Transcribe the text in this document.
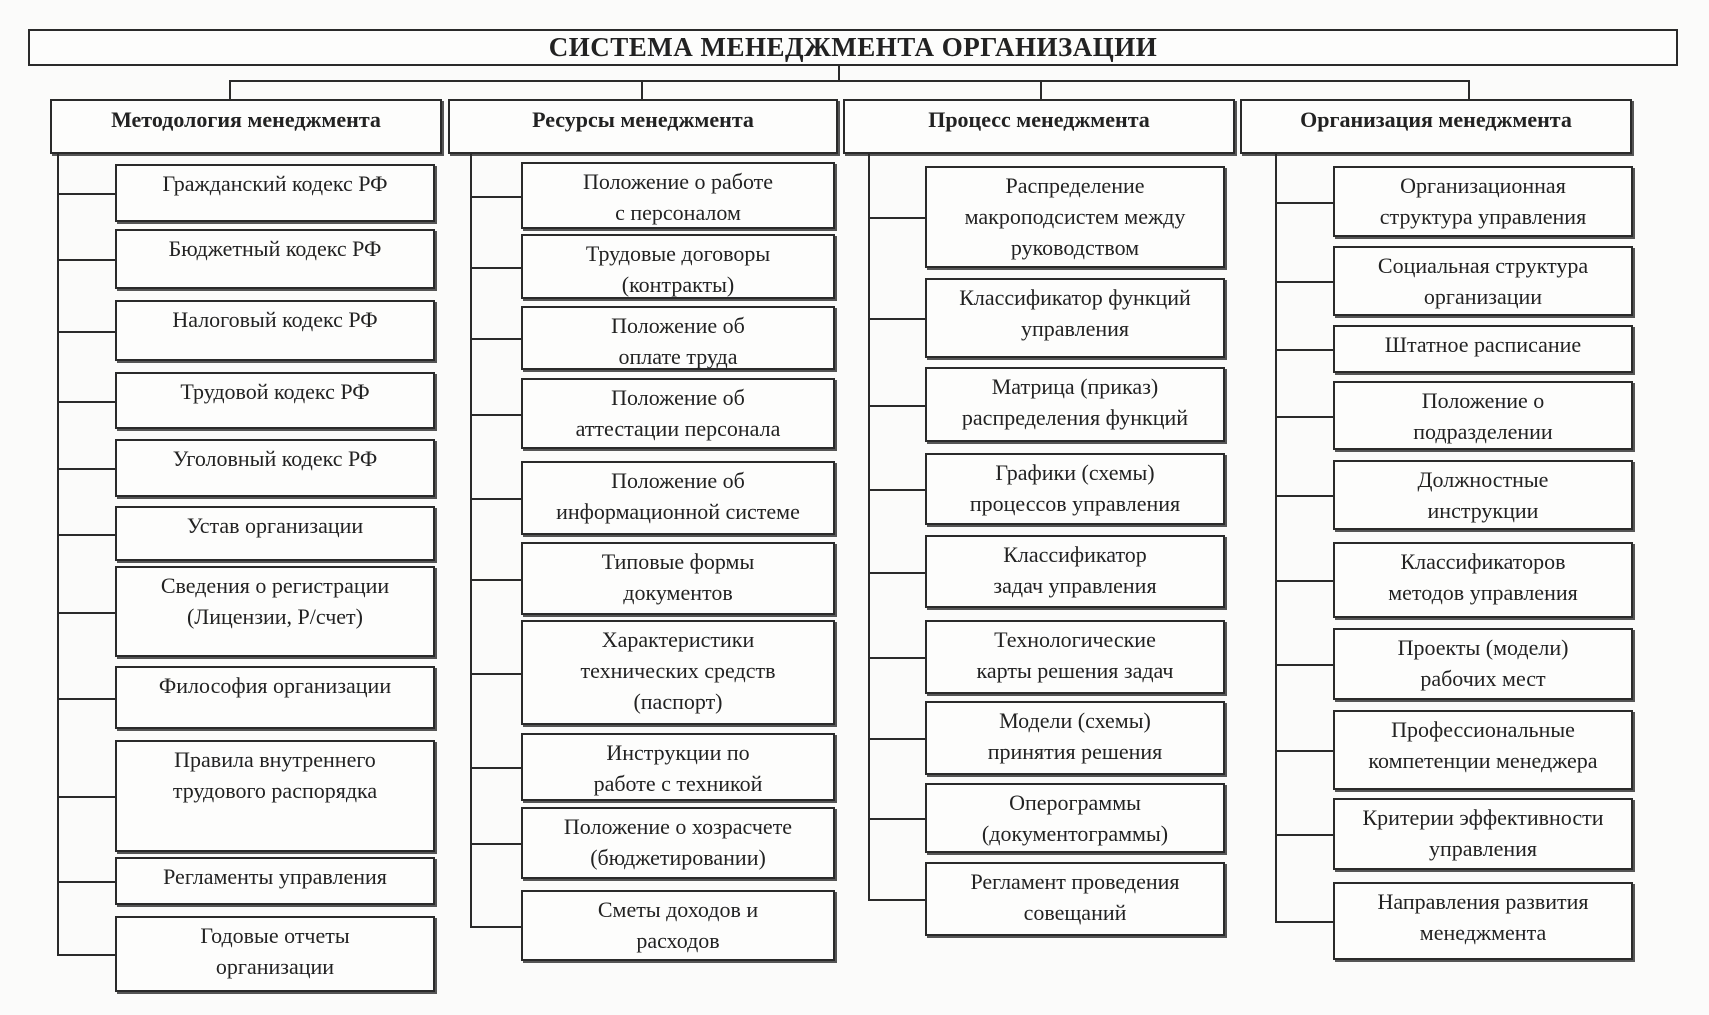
СИСТЕМА МЕНЕДЖМЕНТА ОРГАНИЗАЦИИ
Методология менеджмента
Гражданский кодекс РФ
Бюджетный кодекс РФ
Налоговый кодекс РФ
Трудовой кодекс РФ
Уголовный кодекс РФ
Устав организации
Сведения о регистрации
(Лицензии, Р/счет)
Философия организации
Правила внутреннего
трудового распорядка
Регламенты управления
Годовые отчеты
организации
Ресурсы менеджмента
Положение о работе
с персоналом
Трудовые договоры
(контракты)
Положение об
оплате труда
Положение об
аттестации персонала
Положение об
информационной системе
Типовые формы
документов
Характеристики
технических средств
(паспорт)
Инструкции по
работе с техникой
Положение о хозрасчете
(бюджетировании)
Сметы доходов и
расходов
Процесс менеджмента
Распределение
макроподсистем между
руководством
Классификатор функций
управления
Матрица (приказ)
распределения функций
Графики (схемы)
процессов управления
Классификатор
задач управления
Технологические
карты решения задач
Модели (схемы)
принятия решения
Оперограммы
(документограммы)
Регламент проведения
совещаний
Организация менеджмента
Организационная
структура управления
Социальная структура
организации
Штатное расписание
Положение о
подразделении
Должностные
инструкции
Классификаторов
методов управления
Проекты (модели)
рабочих мест
Профессиональные
компетенции менеджера
Критерии эффективности
управления
Направления развития
менеджмента
